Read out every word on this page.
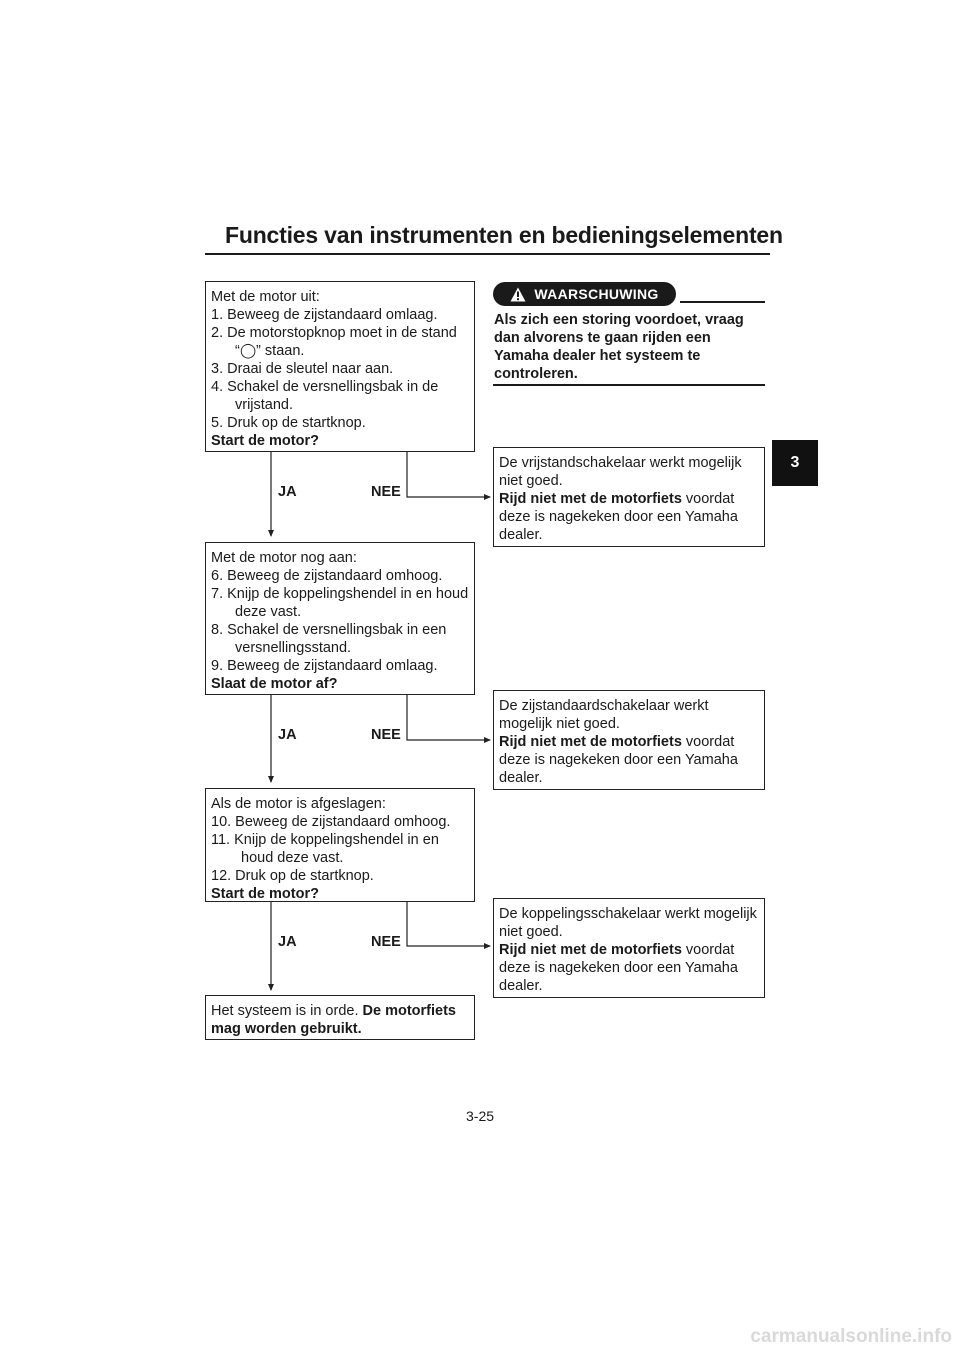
Functies van instrumenten en bedieningselementen
3
WAARSCHUWING
Als zich een storing voordoet, vraag dan alvorens te gaan rijden een Yamaha dealer het systeem te controleren.
Met de motor uit:
1. Beweeg de zijstandaard omlaag.
2. De motorstopknop moet in de stand
“◯” staan.
3. Draai de sleutel naar aan.
4. Schakel de versnellingsbak in de
vrijstand.
5. Druk op de startknop.
Start de motor?
JA	NEE
De vrijstandschakelaar werkt mogelijk
niet goed.
Rijd niet met de motorfiets voordat
deze is nagekeken door een Yamaha
dealer.
Met de motor nog aan:
6. Beweeg de zijstandaard omhoog.
7. Knijp de koppelingshendel in en houd
deze vast.
8. Schakel de versnellingsbak in een
versnellingsstand.
9. Beweeg de zijstandaard omlaag.
Slaat de motor af?
JA	NEE
De zijstandaardschakelaar werkt
mogelijk niet goed.
Rijd niet met de motorfiets voordat
deze is nagekeken door een Yamaha
dealer.
Als de motor is afgeslagen:
10. Beweeg de zijstandaard omhoog.
11. Knijp de koppelingshendel in en
houd deze vast.
12. Druk op de startknop.
Start de motor?
JA	NEE
De koppelingsschakelaar werkt mogelijk
niet goed.
Rijd niet met de motorfiets voordat
deze is nagekeken door een Yamaha
dealer.
Het systeem is in orde. De motorfiets
mag worden gebruikt.
3-25
carmanualsonline.info
